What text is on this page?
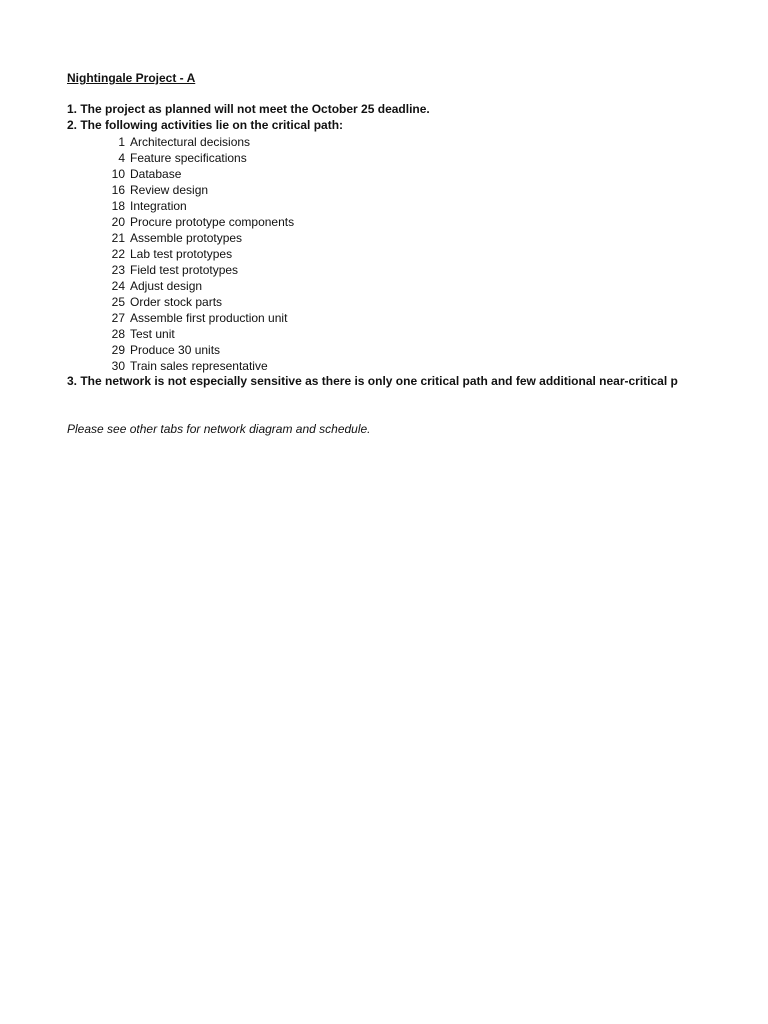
Nightingale Project - A
1. The project as planned will not meet the October 25 deadline.
2. The following activities lie on the critical path:
1 Architectural decisions
4 Feature specifications
10 Database
16 Review design
18 Integration
20 Procure prototype components
21 Assemble prototypes
22 Lab test prototypes
23 Field test prototypes
24 Adjust design
25 Order stock parts
27 Assemble first production unit
28 Test unit
29 Produce 30 units
30 Train sales representative
3. The network is not especially sensitive as there is only one critical path and few additional near-critical p
Please see other tabs for network diagram and schedule.
